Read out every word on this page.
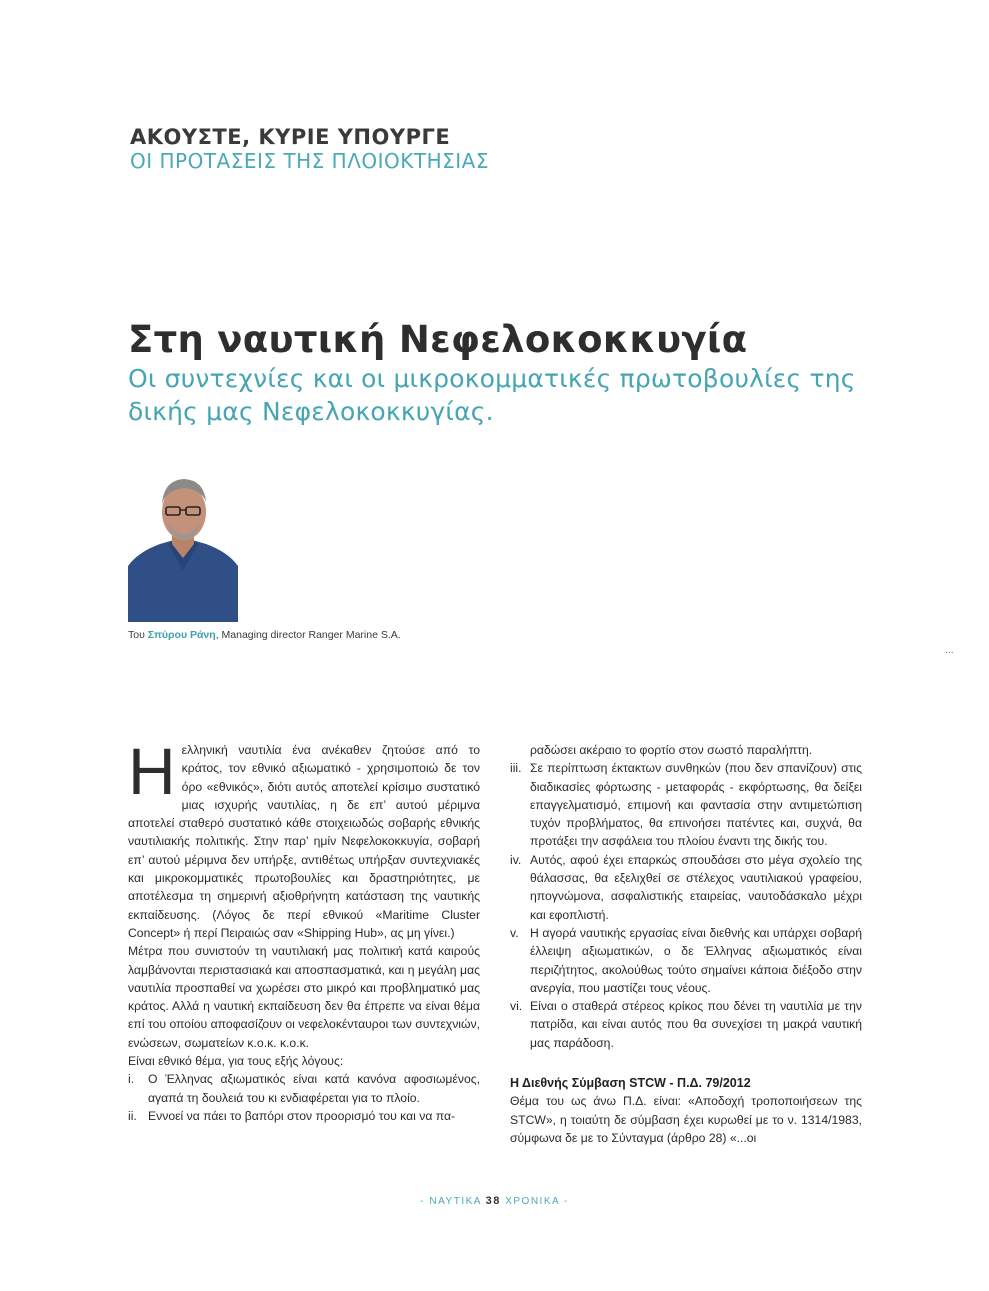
ΑΚΟΥΣΤΕ, ΚΥΡΙΕ ΥΠΟΥΡΓΕ
ΟΙ ΠΡΟΤΑΣΕΙΣ ΤΗΣ ΠΛΟΙΟΚΤΗΣΙΑΣ
Στη ναυτική Νεφελοκοκκυγία

Οι συντεχνίες και οι μικροκομματικές πρωτοβουλίες της δικής μας Νεφελοκοκκυγίας.

Του Σπύρου Ράνη, Managing director Ranger Marine S.A.
...
Η ελληνική ναυτιλία ένα ανέκαθεν ζητούσε από το κράτος, τον εθνικό αξιωματικό - χρησιμοποιώ δε τον όρο «εθνικός», διότι αυτός αποτελεί κρίσιμο συστατικό μιας ισχυρής ναυτιλίας, η δε επ’ αυτού μέριμνα αποτελεί σταθερό συστατικό κάθε στοιχειωδώς σοβαρής εθνικής ναυτιλιακής πολιτικής. Στην παρ’ ημίν Νεφελοκοκκυγία, σοβαρή επ’ αυτού μέριμνα δεν υπήρξε, αντιθέτως υπήρξαν συντεχνιακές και μικροκομματικές πρωτοβουλίες και δραστηριότητες, με αποτέλεσμα τη σημερινή αξιοθρήνητη κατάσταση της ναυτικής εκπαίδευσης. (Λόγος δε περί εθνικού «Maritime Cluster Concept» ή περί Πειραιώς σαν «Shipping Hub», ας μη γίνει.)

Μέτρα που συνιστούν τη ναυτιλιακή μας πολιτική κατά καιρούς λαμβάνονται περιστασιακά και αποσπασματικά, και η μεγάλη μας ναυτιλία προσπαθεί να χωρέσει στο μικρό και προβληματικό μας κράτος. Αλλά η ναυτική εκπαίδευση δεν θα έπρεπε να είναι θέμα επί του οποίου αποφασίζουν οι νεφελοκένταυροι των συντεχνιών, ενώσεων, σωματείων κ.ο.κ. κ.ο.κ.

Είναι εθνικό θέμα, για τους εξής λόγους:

i. Ο Έλληνας αξιωματικός είναι κατά κανόνα αφοσιωμένος, αγαπά τη δουλειά του κι ενδιαφέρεται για το πλοίο.
ii. Εννοεί να πάει το βαπόρι στον προορισμό του και να πα-

ραδώσει ακέραιο το φορτίο στον σωστό παραλήπτη.

iii. Σε περίπτωση έκτακτων συνθηκών (που δεν σπανίζουν) στις διαδικασίες φόρτωσης - μεταφοράς - εκφόρτωσης, θα δείξει επαγγελματισμό, επιμονή και φαντασία στην αντιμετώπιση τυχόν προβλήματος, θα επινοήσει πατέντες και, συχνά, θα προτάξει την ασφάλεια του πλοίου έναντι της δικής του.
iv. Αυτός, αφού έχει επαρκώς σπουδάσει στο μέγα σχολείο της θάλασσας, θα εξελιχθεί σε στέλεχος ναυτιλιακού γραφείου, ηπογνώμονα, ασφαλιστικής εταιρείας, ναυτοδάσκαλο μέχρι και εφοπλιστή.
v. Η αγορά ναυτικής εργασίας είναι διεθνής και υπάρχει σοβαρή έλλειψη αξιωματικών, ο δε Έλληνας αξιωματικός είναι περιζήτητος, ακολούθως τούτο σημαίνει κάποια διέξοδο στην ανεργία, που μαστίζει τους νέους.
vi. Είναι ο σταθερά στέρεος κρίκος που δένει τη ναυτιλία με την πατρίδα, και είναι αυτός που θα συνεχίσει τη μακρά ναυτική μας παράδοση.

Η Διεθνής Σύμβαση STCW - Π.Δ. 79/2012

Θέμα του ως άνω Π.Δ. είναι: «Αποδοχή τροποποιήσεων της STCW», η τοιαύτη δε σύμβαση έχει κυρωθεί με το ν. 1314/1983, σύμφωνα δε με το Σύνταγμα (άρθρο 28) «...οι

- ΝΑΥΤΙΚΑ 38 ΧΡΟΝΙΚΑ -
